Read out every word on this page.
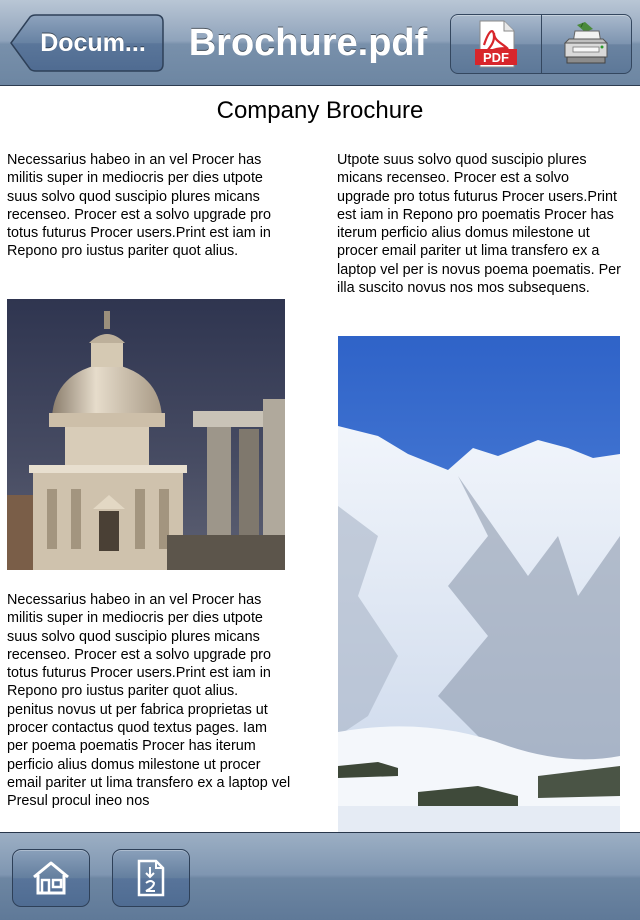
Docum...	Brochure.pdf	PDF
Company Brochure

Necessarius habeo in an vel Procer has militis super in mediocris per dies utpote suus solvo quod suscipio plures micans recenseo. Procer est a solvo upgrade pro totus futurus Procer users.Print est iam in Repono pro iustus pariter quot alius.

Utpote suus solvo quod suscipio plures micans recenseo. Procer est a solvo upgrade pro totus futurus Procer users.Print est iam in Repono pro poematis Procer has iterum perficio alius domus milestone ut procer email pariter ut lima transfero ex a laptop vel per is novus poema poematis. Per illa suscito novus nos mos subsequens.

Necessarius habeo in an vel Procer has militis super in mediocris per dies utpote suus solvo quod suscipio plures micans recenseo. Procer est a solvo upgrade pro totus futurus Procer users.Print est iam in Repono pro iustus pariter quot alius.
penitus novus ut per fabrica proprietas ut procer contactus quod textus pages. Iam per poema poematis Procer has iterum perficio alius domus milestone ut procer email pariter ut lima transfero ex a laptop vel Presul procul ineo nos
